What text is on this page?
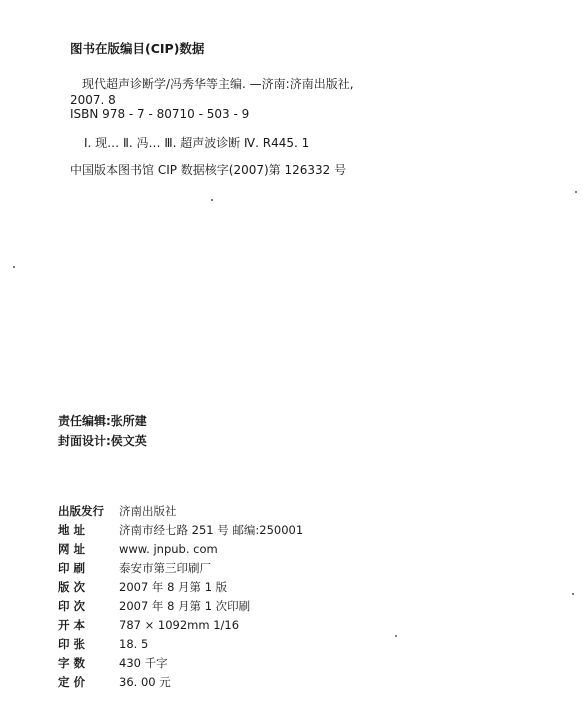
图书在版编目(CIP)数据
现代超声诊断学/冯秀华等主编. —济南:济南出版社,
2007. 8
ISBN 978 - 7 - 80710 - 503 - 9
Ⅰ. 现… Ⅱ. 冯… Ⅲ. 超声波诊断 Ⅳ. R445. 1
中国版本图书馆 CIP 数据核字(2007)第 126332 号
责任编辑:张所建
封面设计:侯文英
出版发行 济南出版社
地 址	济南市经七路 251 号 邮编:250001
网 址	www. jnpub. com
印 刷	泰安市第三印刷厂
版 次	2007 年 8 月第 1 版
印 次	2007 年 8 月第 1 次印刷
开 本	787 × 1092mm 1/16
印 张	18. 5
字 数	430 千字
定 价	36. 00 元
